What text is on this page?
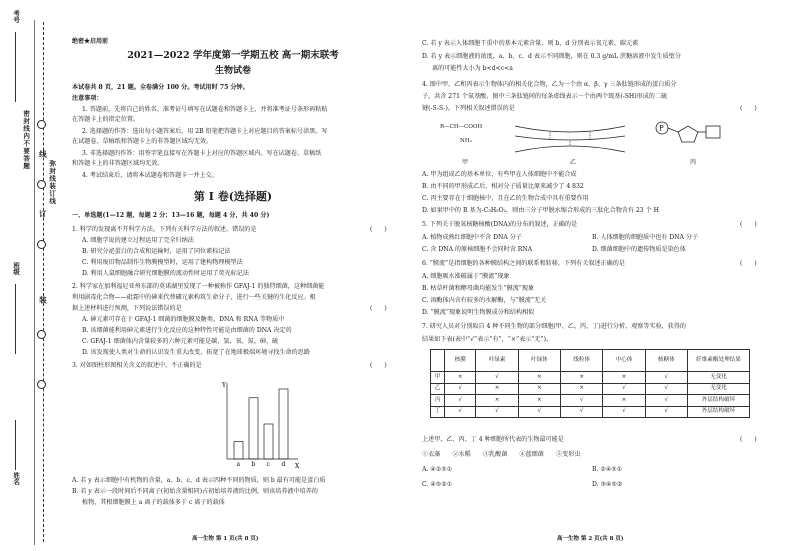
考号
班级
姓名
线
订
装
密封线内不要答题	弥封线装订线
绝密★启用前
2021—2022 学年度第一学期五校 高一期末联考
生物试卷
本试卷共 8 页，21 题。全卷满分 100 分。考试用时 75 分钟。
注意事项：
1. 答题前，先将自己的姓名、准考证号填写在试题卷和答题卡上，并将准考证号条形码粘贴
在答题卡上的指定位置。
2. 选择题的作答：选出每小题答案后，用 2B 铅笔把答题卡上对应题目的答案标号涂黑。写
在试题卷、草稿纸和答题卡上的非答题区域均无效。
3. 非选择题的作答：用签字笔直接写在答题卡上对应的答题区域内。写在试题卷、草稿纸
和答题卡上的非答题区域均无效。
4. 考试结束后，请将本试题卷和答题卡一并上交。
第 Ⅰ 卷(选择题)
一、单选题(1—12 题，每题 2 分；13—16 题，每题 4 分，共 40 分)
1. 科学的发现离不开科学方法。下列有关科学方法的叙述，错误的是	(　　)
A. 细胞学说的建立过程运用了完全归纳法
B. 研究分泌蛋白的合成和运输时，运用了同位素标记法
C. 利用废旧物品制作生物膜模型时，运用了建构物理模型法
D. 利用人鼠细胞融合研究细胞膜的流动性时运用了荧光标记法
2. 科学家在加利福尼亚州东部的莫诺湖里发现了一种被称作 GFAJ-1 的独特细菌，这种细菌能
利用剧毒化合物——砒霜中的砷来代替磷元素构筑生命分子，进行一些关键的生化反应。根
据上述材料进行预测，下列说法错误的是	(　　)
A. 砷元素可存在于 GFAJ-1 细菌的细胞膜及糖类、DNA 和 RNA 等物质中
B. 该细菌能利用砷元素进行生化反应的这种特性可能是由细菌的 DNA 决定的
C. GFAJ-1 细菌体内含量较多的六种元素可能是碳、氢、氧、氮、砷、硫
D. 该发现使人类对生命的认识发生重大改变，拓宽了在地球极端环境寻找生命的思路
3. 对如图柱形图相关含义的叙述中，不正确的是	(　　)
Y
X
a b c d
A. 若 y 表示细胞中有机物的含量，a、b、c、d 表示四种不同的物质，则 b 最有可能是蛋白质
B. 若 y 表示一段时间后不同离子(初始含量相同)占初始培养液的比例，则该培养液中培养的
植物，其根细胞膜上 a 离子的载体多于 c 离子的载体
高一生物 第 1 页(共 8 页)
C. 若 y 表示人体细胞干重中的基本元素含量，则 b、d 分别表示氧元素、碳元素
D. 若 y 表示细胞液的浓度，a、b、c、d 表示不同细胞，则在 0.3 g/mL 蔗糖溶液中发生质壁分
离的可能性大小为 b<d<c<a
4. 图中甲、乙和丙表示生物体内的相关化合物，乙为一个由 α、β、γ 三条肽链形成的蛋白质分
子，共含 271 个氨基酸，图中三条肽链间的每条虚线表示一个由两个巯基(-SH)形成的二硫
键(-S-S-)。下列相关叙述错误的是	(　　)
R—CH—COOH
NH₂
P
甲	乙	丙
A. 甲为组成乙的基本单位，有些甲在人体细胞中不能合成
B. 由不同的甲形成乙后，相对分子质量比原来减少了 4 832
C. 丙主要存在于细胞核中，且在乙的生物合成中具有重要作用
D. 如果甲中的 R 基为-C₃H₅O₂，则由三分子甲脱水缩合形成的三肽化合物含有 23 个 H
5. 下列关于脱氧核糖核酸(DNA)的分布的叙述，正确的是	(　　)
A. 植物成熟红细胞中不含 DNA 分子	B. 人体细胞的细胞质中也有 DNA 分子
C. 含 DNA 的原核细胞不会同时含 RNA	D. 细菌细胞中的遗传物质是染色体
6. “膜流”是指细胞的各种膜结构之间的联系和转移，下列有关叙述正确的是	(　　)
A. 细胞吸水涨破属于“膜流”现象
B. 枯草杆菌和酵母菌均能发生“膜流”现象
C. 溶酶体内含有较多的水解酶，与“膜流”无关
D. “膜流”现象说明生物膜成分和结构相似
7. 研究人员对分别取自 4 种不同生物的部分细胞(甲、乙、丙、丁)进行分析、观察等实验，获得的
结果如下表(表中“√”表示“有”，“×”表示“无”)。
	核膜	叶绿素	叶绿体	线粒体	中心体	核糖体	纤维素酶处理结果
甲	×	√	×	×	×	√	无变化
乙	√	×	×	×	√	√	无变化
丙	√	×	×	√	×	√	外层结构破坏
丁	√	√	√	√	√	√	外层结构破坏
上述甲、乙、丙、丁 4 种细胞所代表的生物最可能是	(　　)
①衣藻　　②水稻　　③乳酸菌　　④蓝细菌　　⑤变形虫
A. ④②⑤①	B. ②④⑤①
C. ④⑤②①	D. ③④⑤②
高一生物 第 2 页(共 8 页)
